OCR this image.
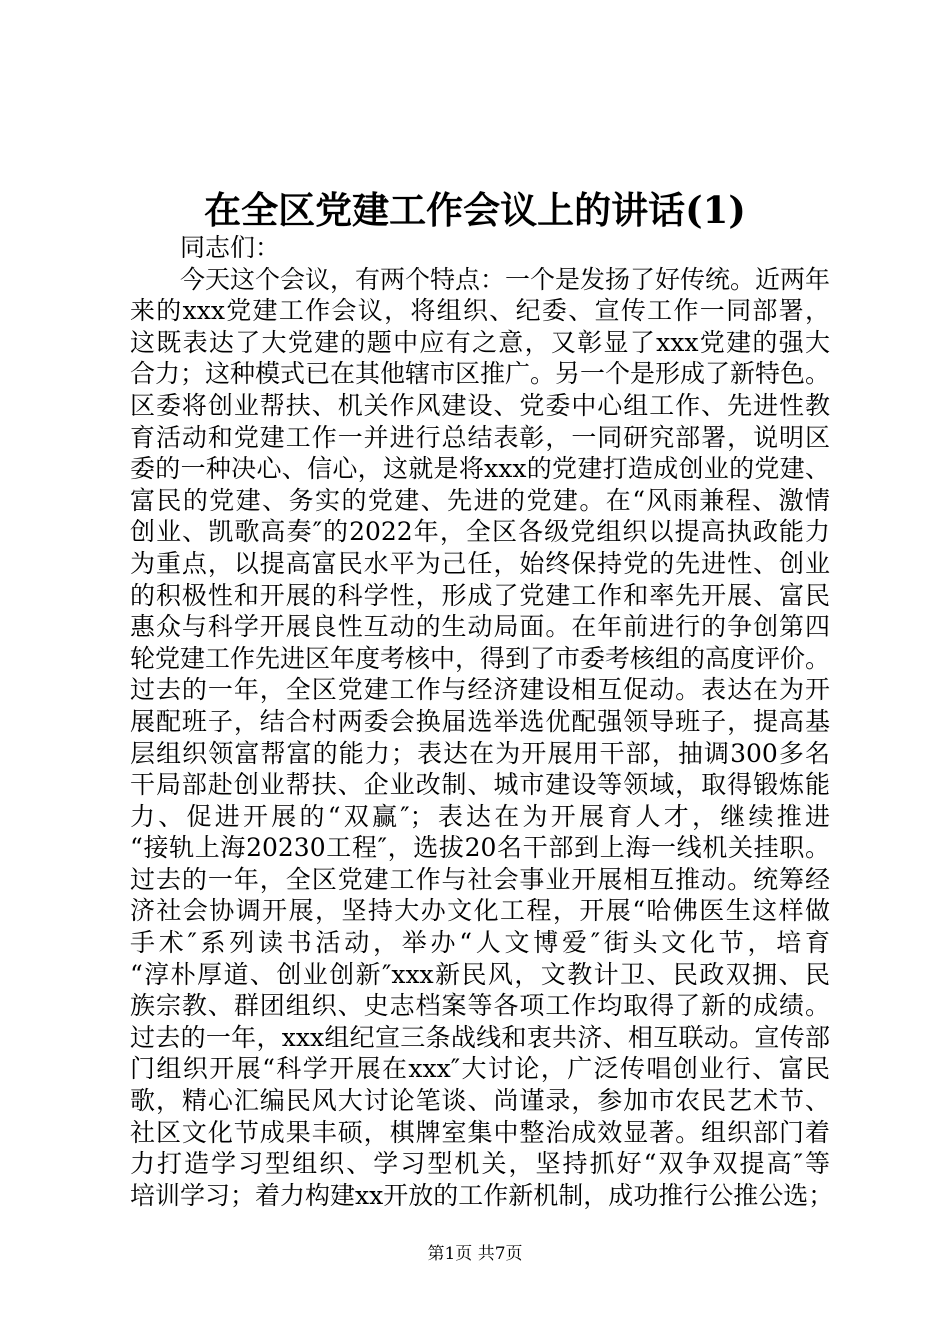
在全区党建工作会议上的讲话(1)
同志们：
今天这个会议，有两个特点：一个是发扬了好传统。近两年
来的xxx党建工作会议，将组织、纪委、宣传工作一同部署，
这既表达了大党建的题中应有之意，又彰显了xxx党建的强大
合力；这种模式已在其他辖市区推广。另一个是形成了新特色。
区委将创业帮扶、机关作风建设、党委中心组工作、先进性教
育活动和党建工作一并进行总结表彰，一同研究部署，说明区
委的一种决心、信心，这就是将xxx的党建打造成创业的党建、
富民的党建、务实的党建、先进的党建。在“风雨兼程、激情
创业、凯歌高奏″的2022年，全区各级党组织以提高执政能力
为重点，以提高富民水平为己任，始终保持党的先进性、创业
的积极性和开展的科学性，形成了党建工作和率先开展、富民
惠众与科学开展良性互动的生动局面。在年前进行的争创第四
轮党建工作先进区年度考核中，得到了市委考核组的高度评价。
过去的一年，全区党建工作与经济建设相互促动。表达在为开
展配班子，结合村两委会换届选举选优配强领导班子，提高基
层组织领富帮富的能力；表达在为开展用干部，抽调300多名
干局部赴创业帮扶、企业改制、城市建设等领域，取得锻炼能
力、促进开展的“双赢″；表达在为开展育人才，继续推进
“接轨上海20230工程″，选拔20名干部到上海一线机关挂职。
过去的一年，全区党建工作与社会事业开展相互推动。统筹经
济社会协调开展，坚持大办文化工程，开展“哈佛医生这样做
手术″系列读书活动，举办“人文博爱″街头文化节，培育
“淳朴厚道、创业创新″xxx新民风，文教计卫、民政双拥、民
族宗教、群团组织、史志档案等各项工作均取得了新的成绩。
过去的一年，xxx组纪宣三条战线和衷共济、相互联动。宣传部
门组织开展“科学开展在xxx″大讨论，广泛传唱创业行、富民
歌，精心汇编民风大讨论笔谈、尚谨录，参加市农民艺术节、
社区文化节成果丰硕，棋牌室集中整治成效显著。组织部门着
力打造学习型组织、学习型机关，坚持抓好“双争双提高″等
培训学习；着力构建xx开放的工作新机制，成功推行公推公选；
第1页 共7页
